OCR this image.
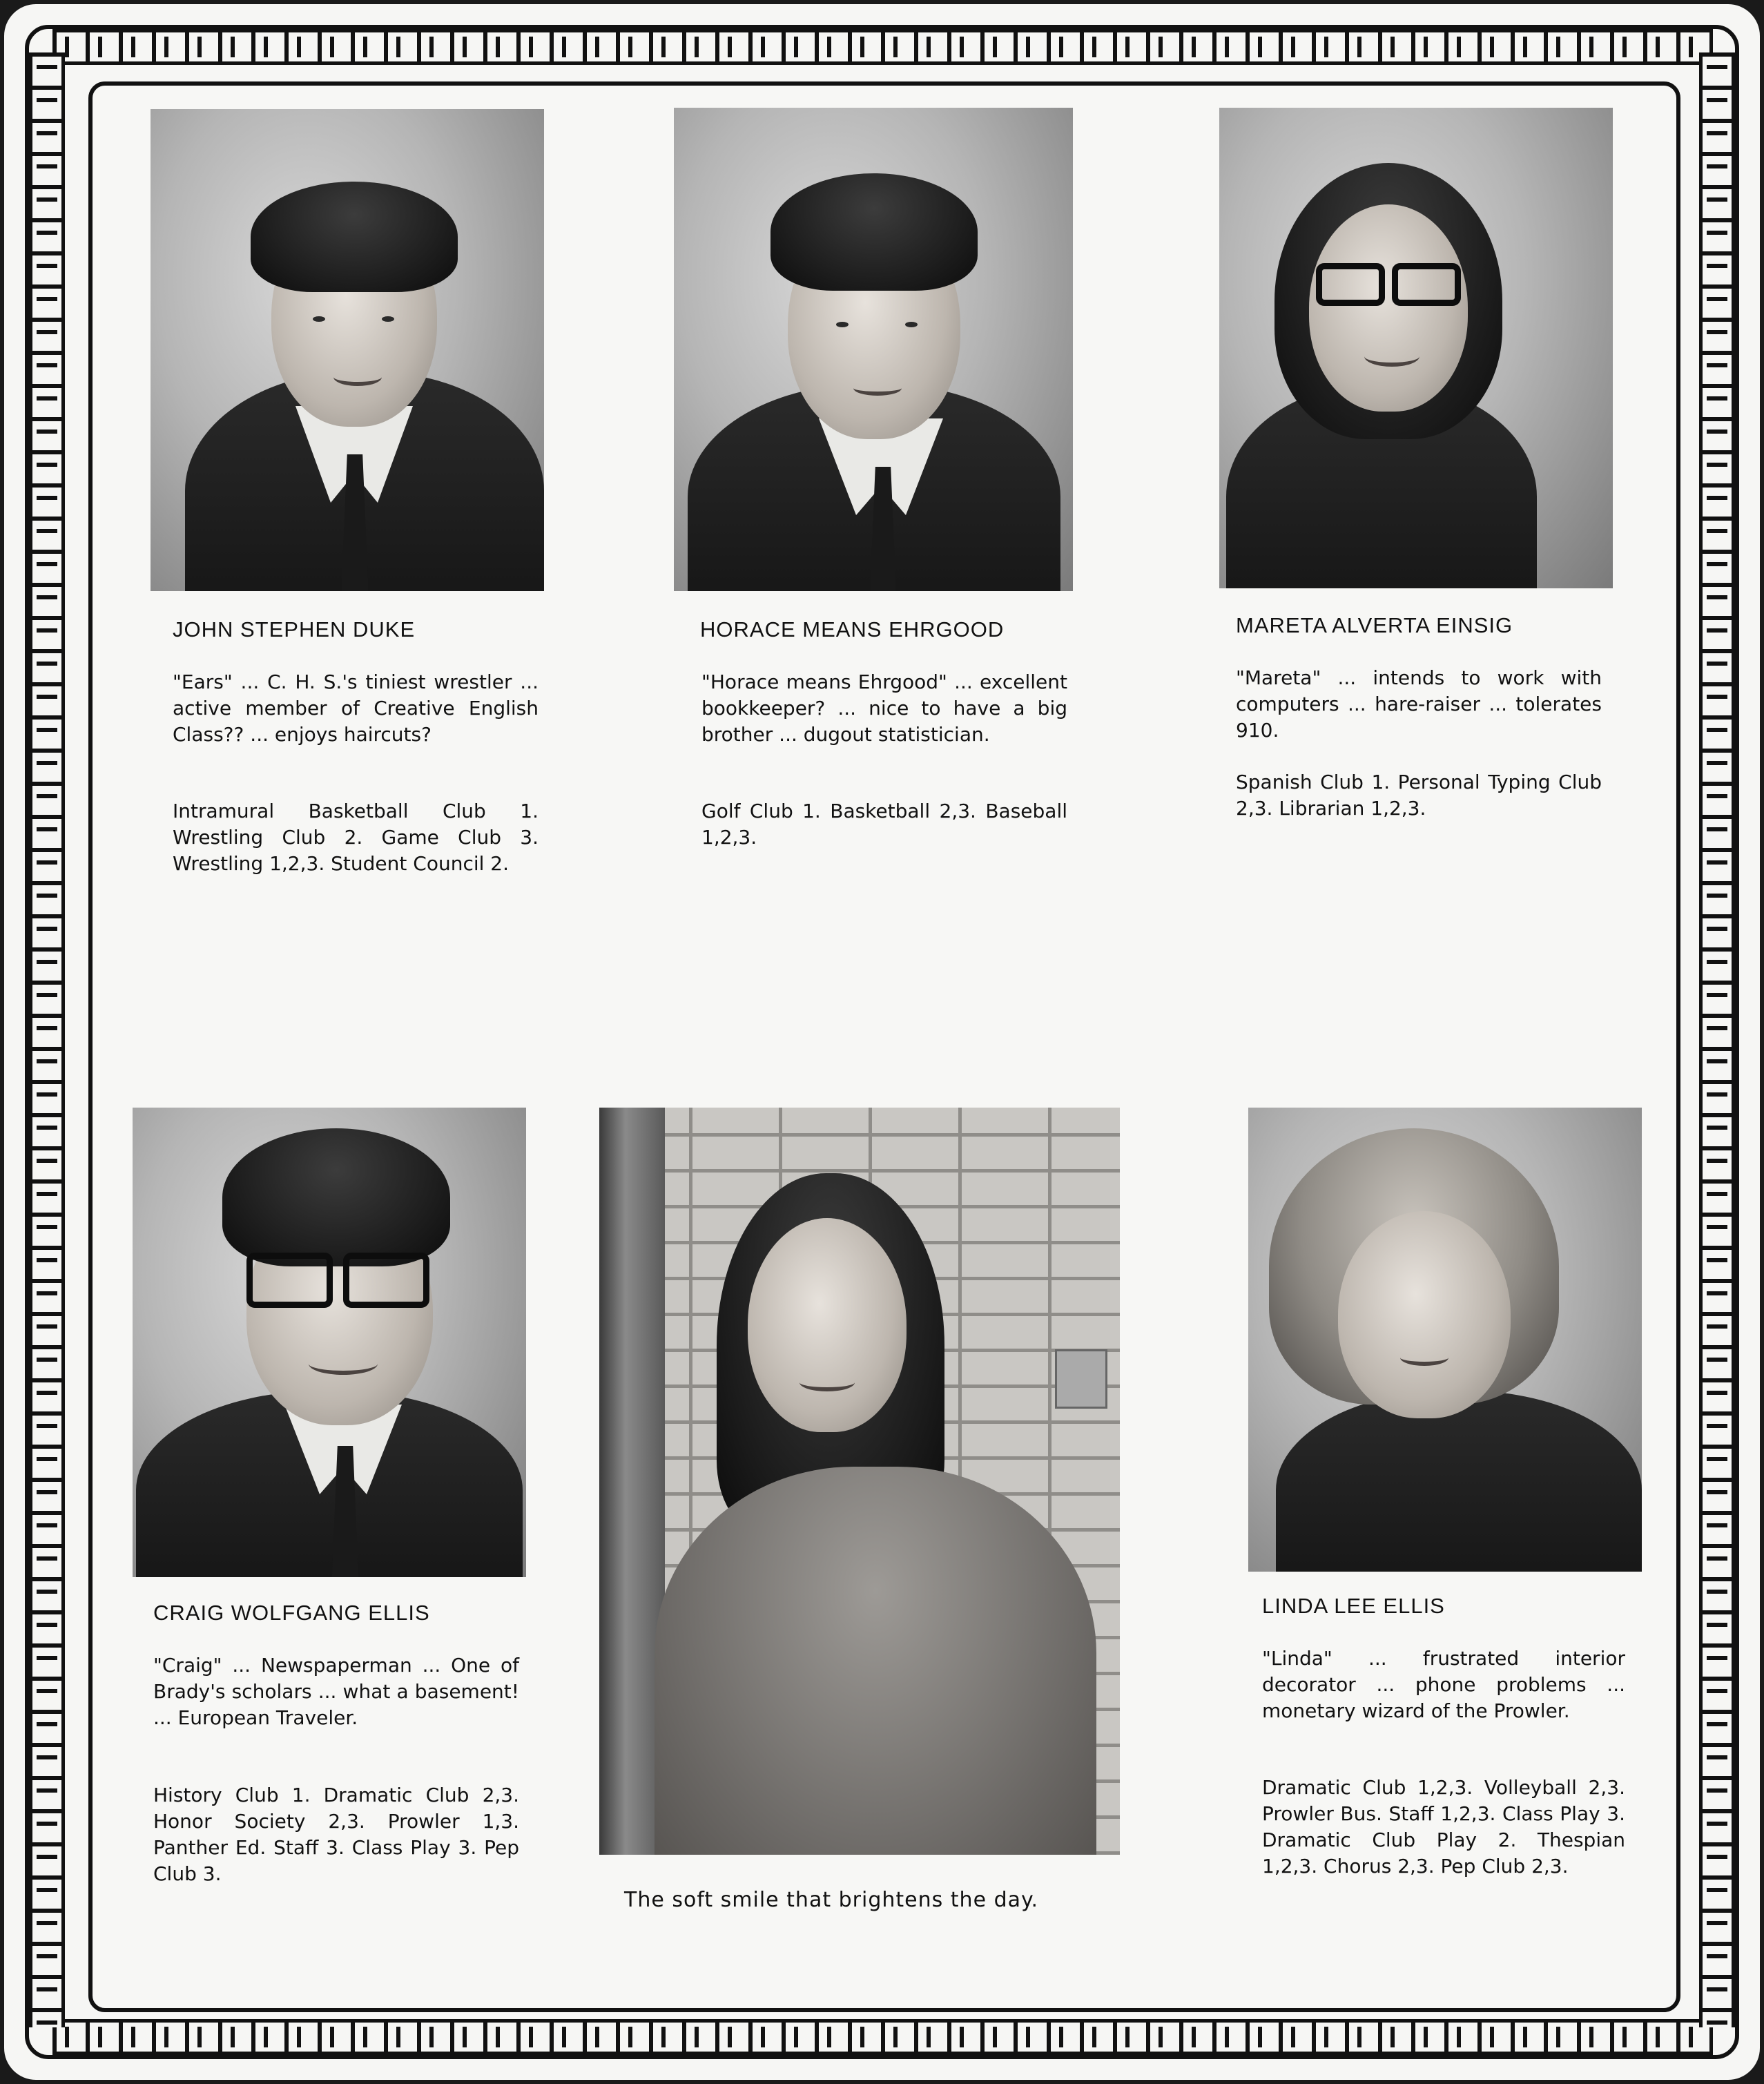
JOHN STEPHEN DUKE
"Ears" ... C. H. S.'s tiniest wrestler ... active member of Creative English Class?? ... enjoys haircuts?
Intramural Basketball Club 1. Wrestling Club 2. Game Club 3. Wrestling 1,2,3. Student Council 2.
HORACE MEANS EHRGOOD
"Horace means Ehrgood" ... excellent bookkeeper? ... nice to have a big brother ... dugout statistician.
Golf Club 1. Basketball 2,3. Baseball 1,2,3.
MARETA ALVERTA EINSIG
"Mareta" ... intends to work with computers ... hare-raiser ... tolerates 910.
Spanish Club 1. Personal Typing Club 2,3. Librarian 1,2,3.
CRAIG WOLFGANG ELLIS
"Craig" ... Newspaperman ... One of Brady's scholars ... what a basement! ... European Traveler.
History Club 1. Dramatic Club 2,3. Honor Society 2,3. Prowler 1,3. Panther Ed. Staff 3. Class Play 3. Pep Club 3.
The soft smile that brightens the day.
LINDA LEE ELLIS
"Linda" ... frustrated interior decorator ... phone problems ... monetary wizard of the Prowler.
Dramatic Club 1,2,3. Volleyball 2,3. Prowler Bus. Staff 1,2,3. Class Play 3. Dramatic Club Play 2. Thespian 1,2,3. Chorus 2,3. Pep Club 2,3.
